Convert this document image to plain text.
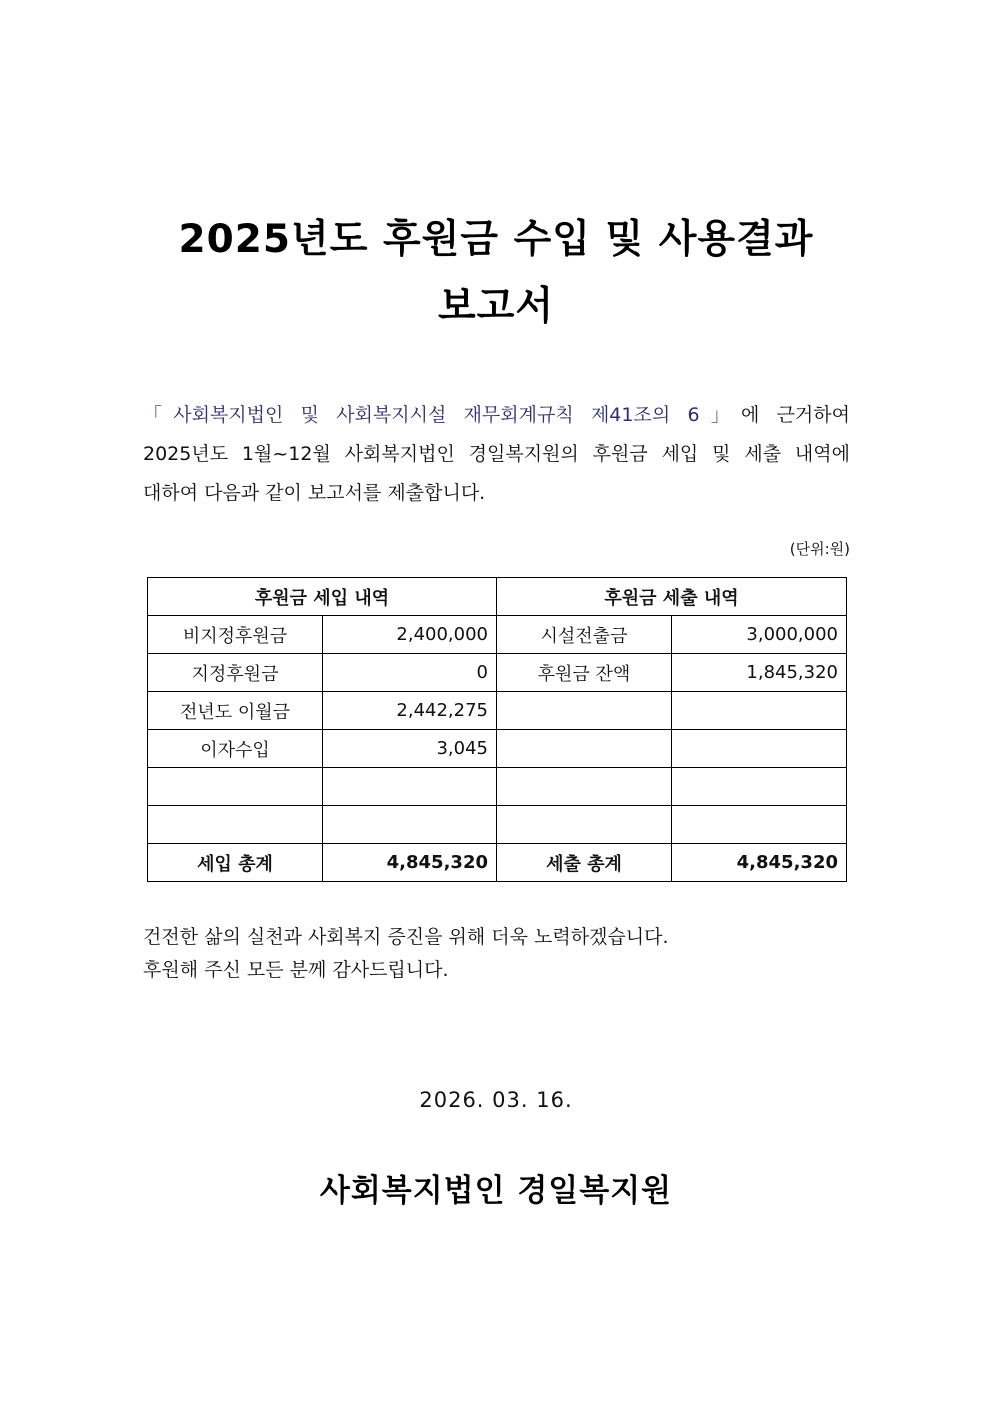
2025년도 후원금 수입 및 사용결과
보고서
「사회복지법인 및 사회복지시설 재무회계규칙 제41조의 6」에 근거하여
2025년도 1월~12월 사회복지법인 경일복지원의 후원금 세입 및 세출 내역에
대하여 다음과 같이 보고서를 제출합니다.
(단위:원)
후원금 세입 내역		후원금 세출 내역	
비지정후원금	2,400,000	시설전출금	3,000,000
지정후원금	0	후원금 잔액	1,845,320
전년도 이월금	2,442,275		
이자수입	3,045		

세입 총계	4,845,320	세출 총계	4,845,320
건전한 삶의 실천과 사회복지 증진을 위해 더욱 노력하겠습니다.
후원해 주신 모든 분께 감사드립니다.
2026. 03. 16.
사회복지법인 경일복지원
